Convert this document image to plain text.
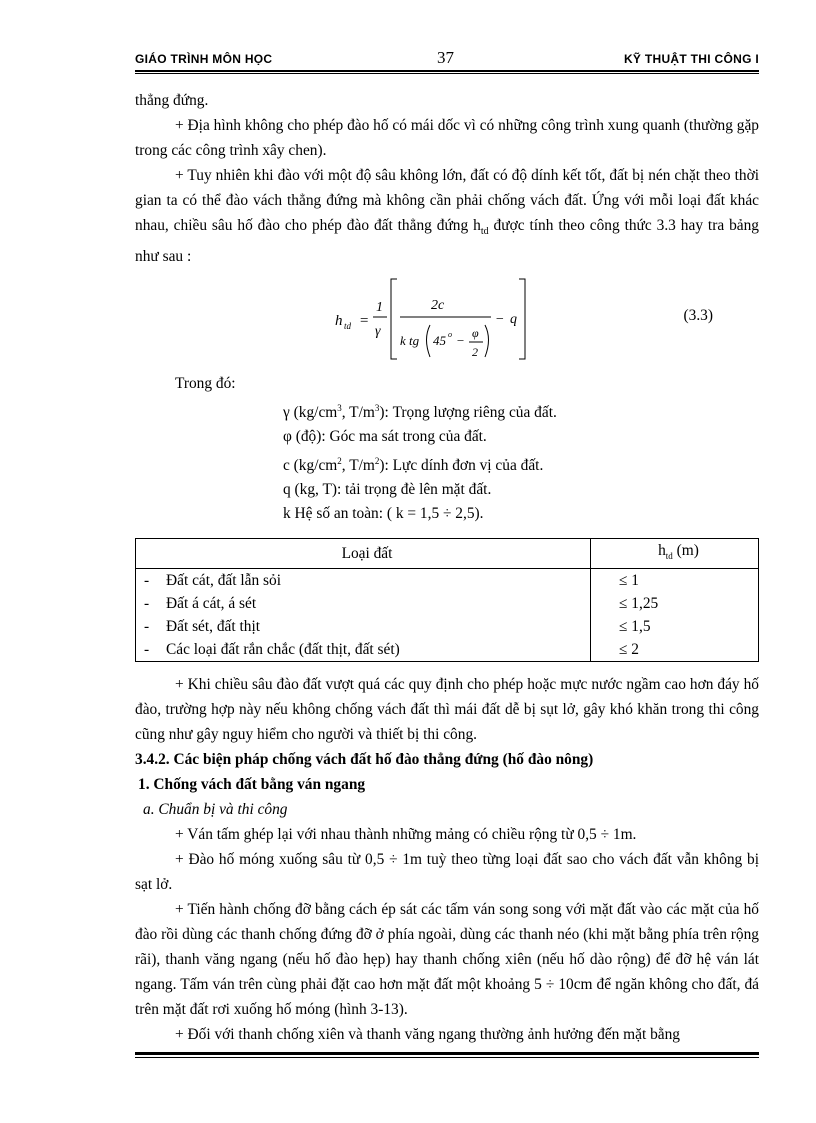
GIÁO TRÌNH MÔN HỌC	37	KỸ THUẬT THI CÔNG I

thẳng đứng.

+ Địa hình không cho phép đào hố có mái dốc vì có những công trình xung quanh (thường gặp trong các công trình xây chen).

+ Tuy nhiên khi đào với một độ sâu không lớn, đất có độ dính kết tốt, đất bị nén chặt theo thời gian ta có thể đào vách thẳng đứng mà không cần phải chống vách đất. Ứng với mỗi loại đất khác nhau, chiều sâu hố đào cho phép đào đất thẳng đứng $h_{td}$ được tính theo công thức 3.3 hay tra bảng như sau :

h td =
1
γ
2c
k tg 45 o − φ
2
− q	(3.3)

Trong đó:

γ ($kg/cm^3$, $T/m^3$): Trọng lượng riêng của đất.
φ (độ): Góc ma sát trong của đất.
c ($kg/cm^2$, $T/m^2$): Lực dính đơn vị của đất.
q (kg, T): tải trọng đè lên mặt đất.
k Hệ số an toàn: ( k = 1,5 ÷ 2,5).
Loại đất	$h_{td}$ (m)
- Đất cát, đất lẫn sỏi	≤ 1
- Đất á cát, á sét	≤ 1,25
- Đất sét, đất thịt	≤ 1,5
- Các loại đất rắn chắc (đất thịt, đất sét)	≤ 2

+ Khi chiều sâu đào đất vượt quá các quy định cho phép hoặc mực nước ngầm cao hơn đáy hố đào, trường hợp này nếu không chống vách đất thì mái đất dễ bị sụt lở, gây khó khăn trong thi công cũng như gây nguy hiểm cho người và thiết bị thi công.

3.4.2. Các biện pháp chống vách đất hố đào thẳng đứng (hố đào nông)

1. Chống vách đất bằng ván ngang

a. Chuẩn bị và thi công

+ Ván tấm ghép lại với nhau thành những mảng có chiều rộng từ 0,5 ÷ 1m.

+ Đào hố móng xuống sâu từ 0,5 ÷ 1m tuỳ theo từng loại đất sao cho vách đất vẫn không bị sạt lở.

+ Tiến hành chống đỡ bằng cách ép sát các tấm ván song song với mặt đất vào các mặt của hố đào rồi dùng các thanh chống đứng đỡ ở phía ngoài, dùng các thanh néo (khi mặt bằng phía trên rộng rãi), thanh văng ngang (nếu hố đào hẹp) hay thanh chống xiên (nếu hố dào rộng) để đỡ hệ ván lát ngang. Tấm ván trên cùng phải đặt cao hơn mặt đất một khoảng 5 ÷ 10cm để ngăn không cho đất, đá trên mặt đất rơi xuống hố móng (hình 3-13).

+ Đối với thanh chống xiên và thanh văng ngang thường ảnh hưởng đến mặt bằng
